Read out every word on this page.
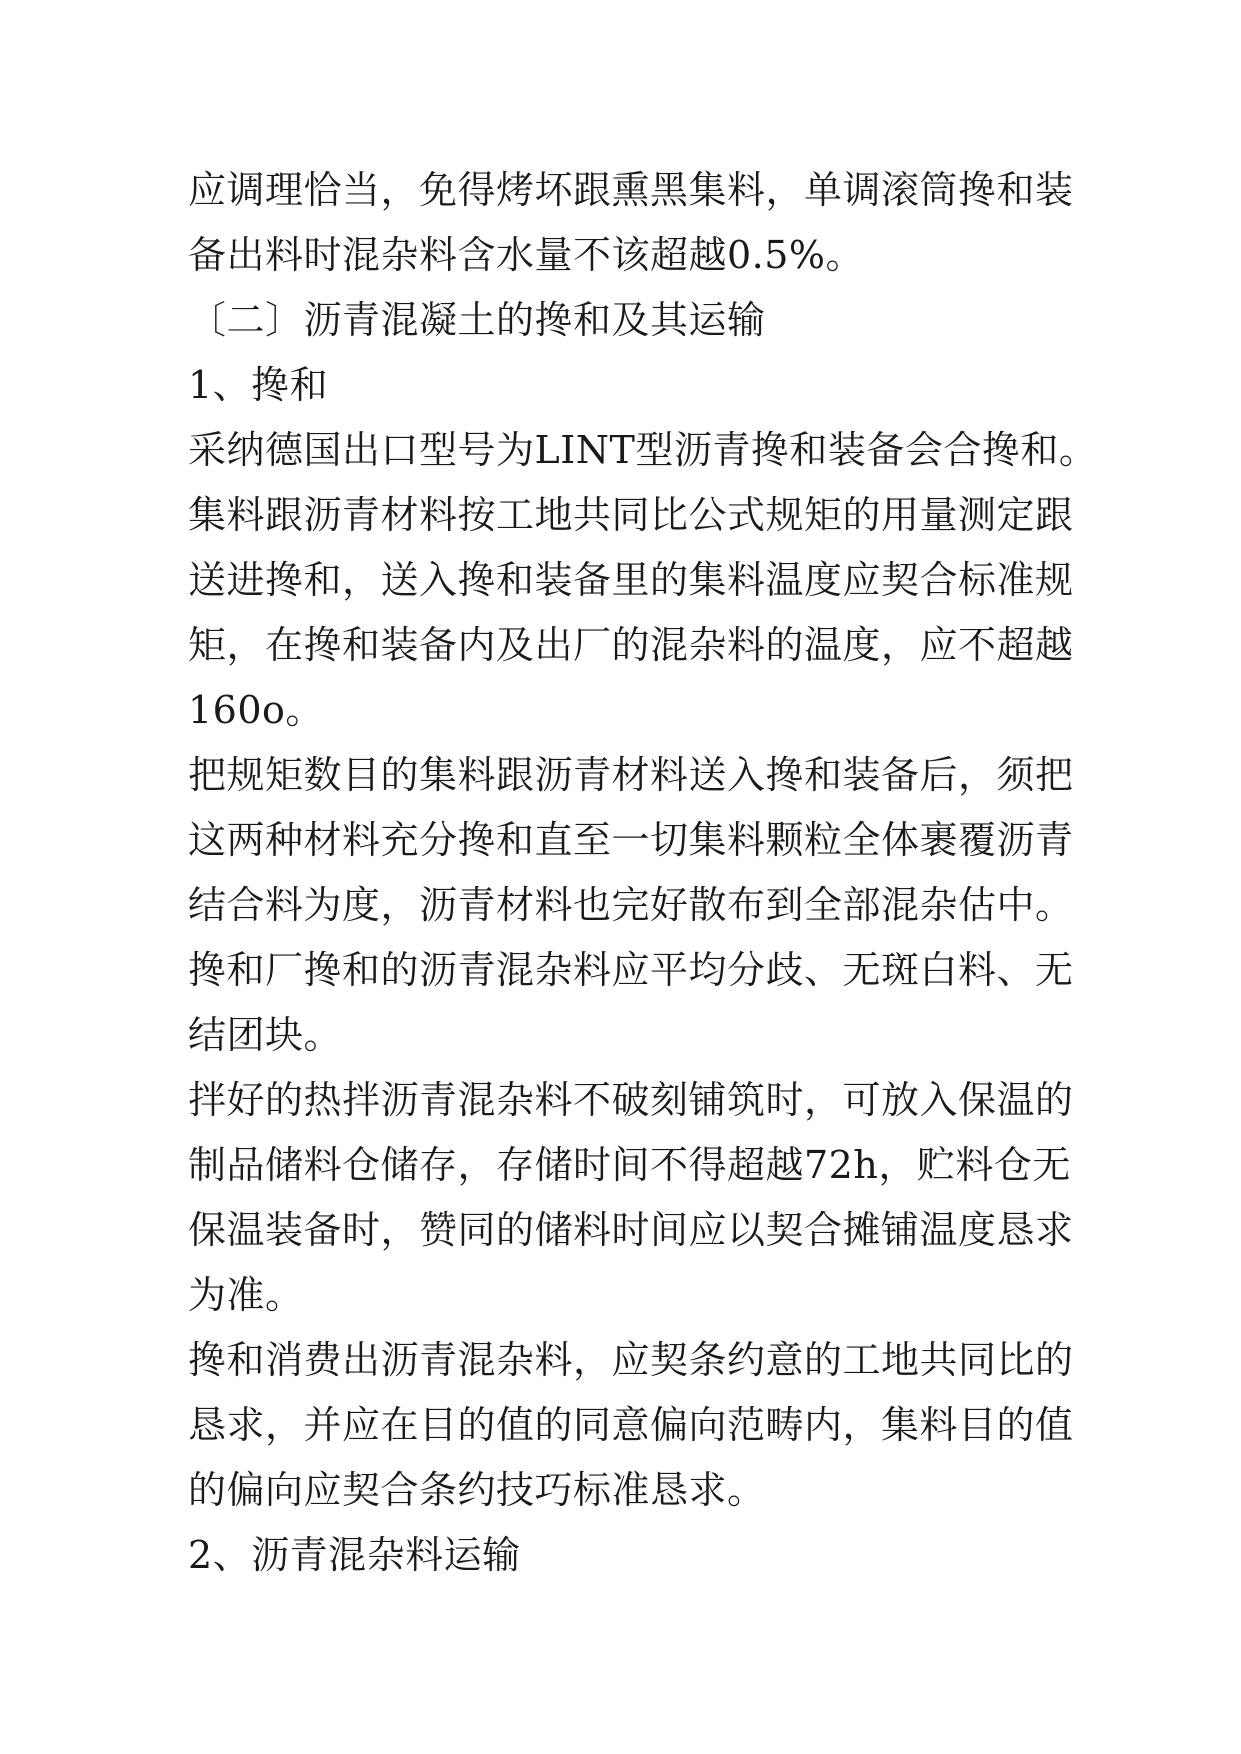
应调理恰当，免得烤坏跟熏黑集料，单调滚筒搀和装
备出料时混杂料含水量不该超越0.5%。
〔二〕沥青混凝土的搀和及其运输
1、搀和
采纳德国出口型号为LINT型沥青搀和装备会合搀和。
集料跟沥青材料按工地共同比公式规矩的用量测定跟
送进搀和，送入搀和装备里的集料温度应契合标准规
矩，在搀和装备内及出厂的混杂料的温度，应不超越
160o。
把规矩数目的集料跟沥青材料送入搀和装备后，须把
这两种材料充分搀和直至一切集料颗粒全体裹覆沥青
结合料为度，沥青材料也完好散布到全部混杂估中。
搀和厂搀和的沥青混杂料应平均分歧、无斑白料、无
结团块。
拌好的热拌沥青混杂料不破刻铺筑时，可放入保温的
制品储料仓储存，存储时间不得超越72h，贮料仓无
保温装备时，赞同的储料时间应以契合摊铺温度恳求
为准。
搀和消费出沥青混杂料，应契条约意的工地共同比的
恳求，并应在目的值的同意偏向范畴内，集料目的值
的偏向应契合条约技巧标准恳求。
2、沥青混杂料运输
